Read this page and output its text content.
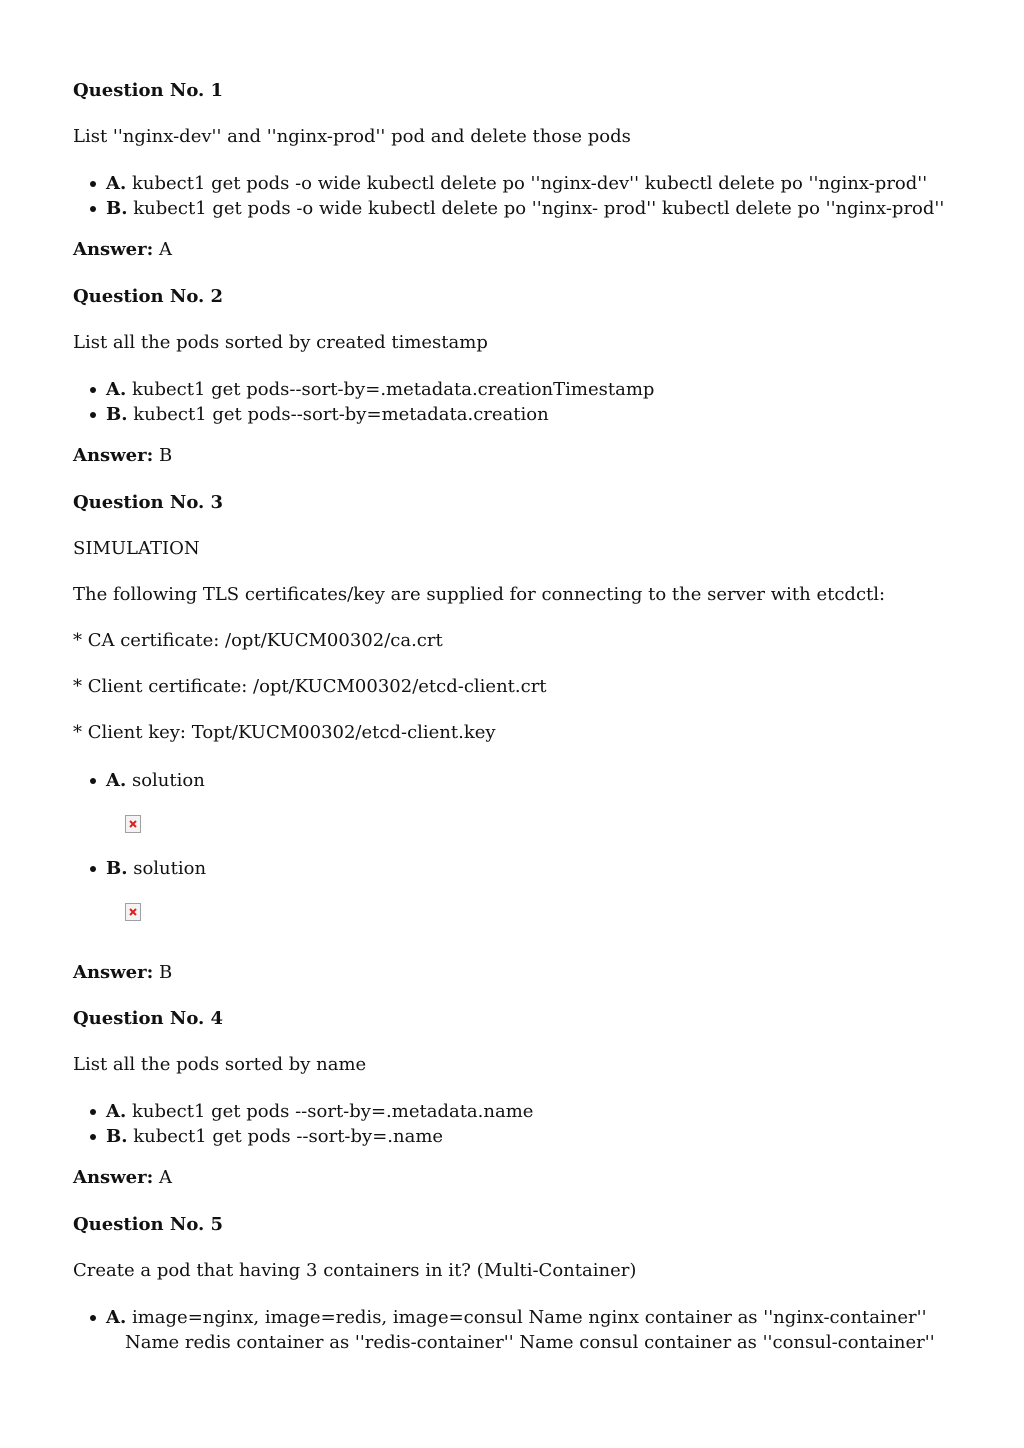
Question No. 1
List ''nginx-dev'' and ''nginx-prod'' pod and delete those pods
A. kubect1 get pods -o wide kubectl delete po ''nginx-dev'' kubectl delete po ''nginx-prod''
B. kubect1 get pods -o wide kubectl delete po ''nginx- prod'' kubectl delete po ''nginx-prod''
Answer: A
Question No. 2
List all the pods sorted by created timestamp
A. kubect1 get pods--sort-by=.metadata.creationTimestamp
B. kubect1 get pods--sort-by=metadata.creation
Answer: B
Question No. 3
SIMULATION
The following TLS certificates/key are supplied for connecting to the server with etcdctl:
* CA certificate: /opt/KUCM00302/ca.crt
* Client certificate: /opt/KUCM00302/etcd-client.crt
* Client key: Topt/KUCM00302/etcd-client.key
A. solution
B. solution
Answer: B
Question No. 4
List all the pods sorted by name
A. kubect1 get pods --sort-by=.metadata.name
B. kubect1 get pods --sort-by=.name
Answer: A
Question No. 5
Create a pod that having 3 containers in it? (Multi-Container)
A. image=nginx, image=redis, image=consul Name nginx container as ''nginx-container''
Name redis container as ''redis-container'' Name consul container as ''consul-container''
